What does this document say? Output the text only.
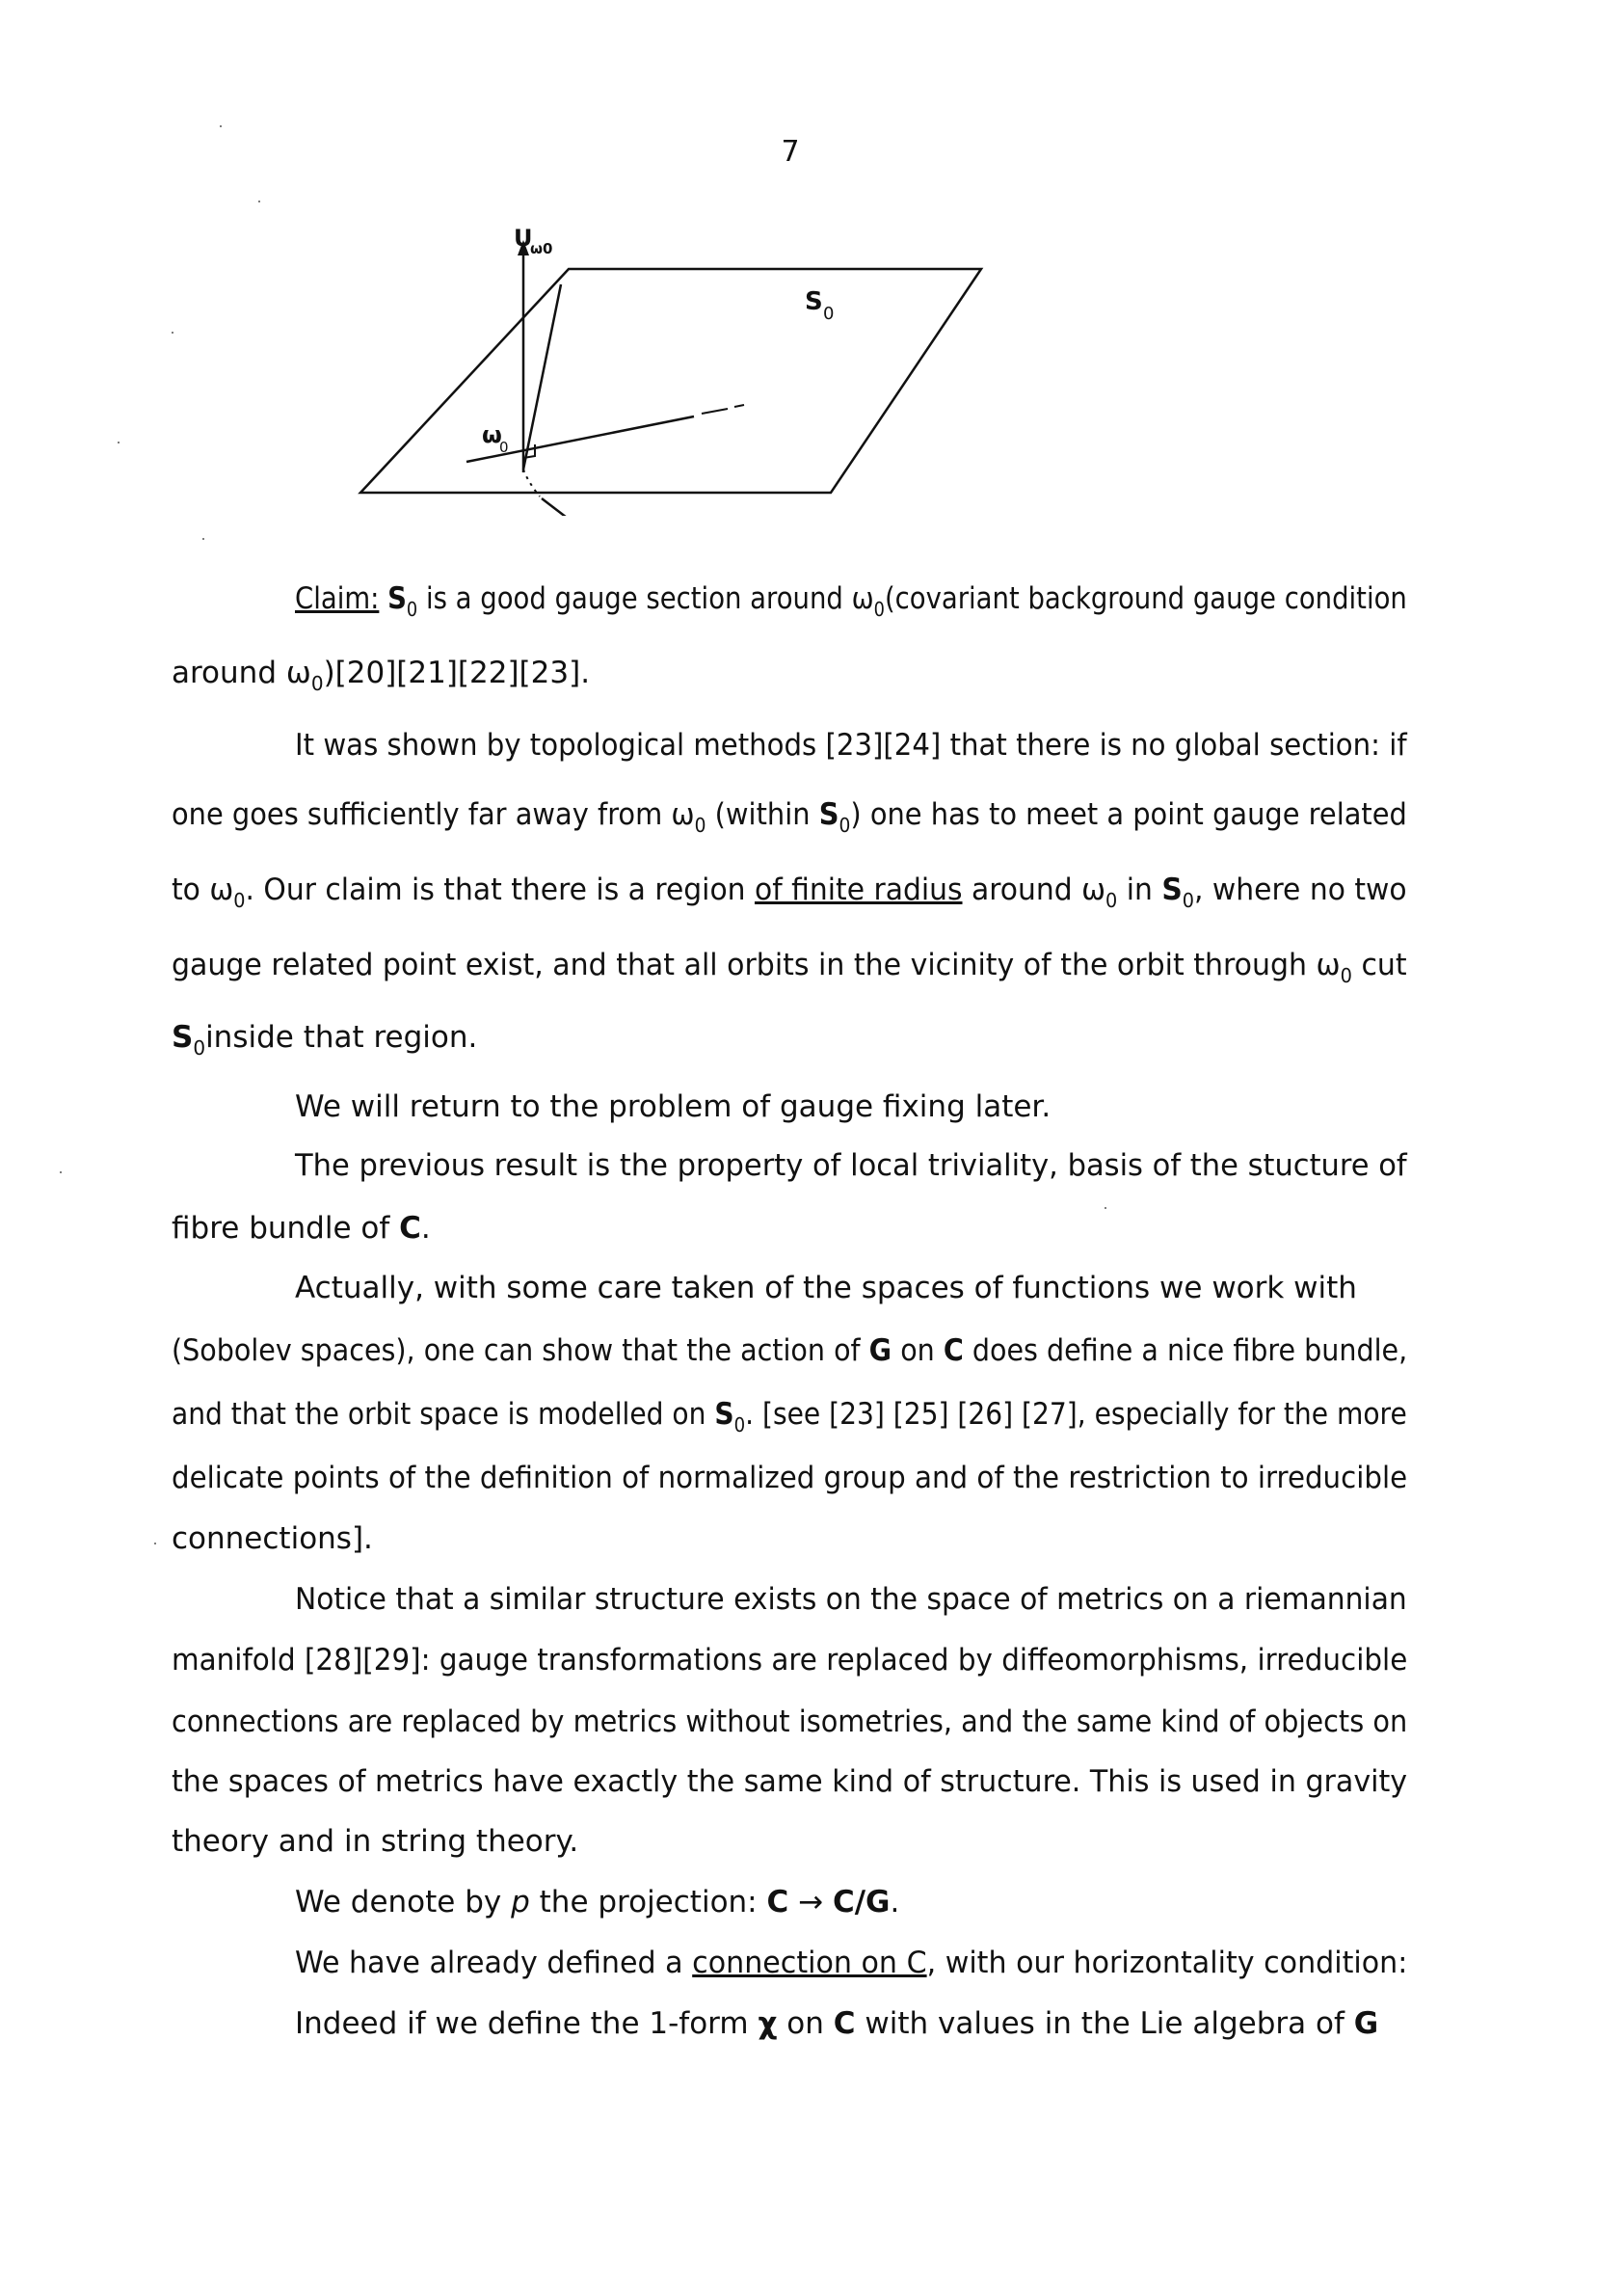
7
U
ω0
S 0
ω
0
Claim: $S_0$ is a good gauge section around $\omega_0(covariant$ background gauge condition
around $\omega_0)[20][21][22][23]$.
It was shown by topological methods [23][24] that there is no global section: if
one goes sufficiently far away from $\omega_0$ (within $S_0$) one has to meet a point gauge related
to $\omega_0$. Our claim is that there is a region of finite radius around $\omega_0$ in $S_0$, where no two
gauge related point exist, and that all orbits in the vicinity of the orbit through $\omega_0$ cut
$S_0inside$ that region.
We will return to the problem of gauge fixing later.
The previous result is the property of local triviality, basis of the stucture of
fibre bundle of C.
Actually, with some care taken of the spaces of functions we work with
(Sobolev spaces), one can show that the action of G on C does define a nice fibre bundle,
and that the orbit space is modelled on $S_0$. [see [23] [25] [26] [27], especially for the more
delicate points of the definition of normalized group and of the restriction to irreducible
connections].
Notice that a similar structure exists on the space of metrics on a riemannian
manifold [28][29]: gauge transformations are replaced by diffeomorphisms, irreducible
connections are replaced by metrics without isometries, and the same kind of objects on
the spaces of metrics have exactly the same kind of structure. This is used in gravity
theory and in string theory.
We denote by p the projection: C → C/G.
We have already defined a connection on C, with our horizontality condition:
Indeed if we define the 1-form χ on C with values in the Lie algebra of G
